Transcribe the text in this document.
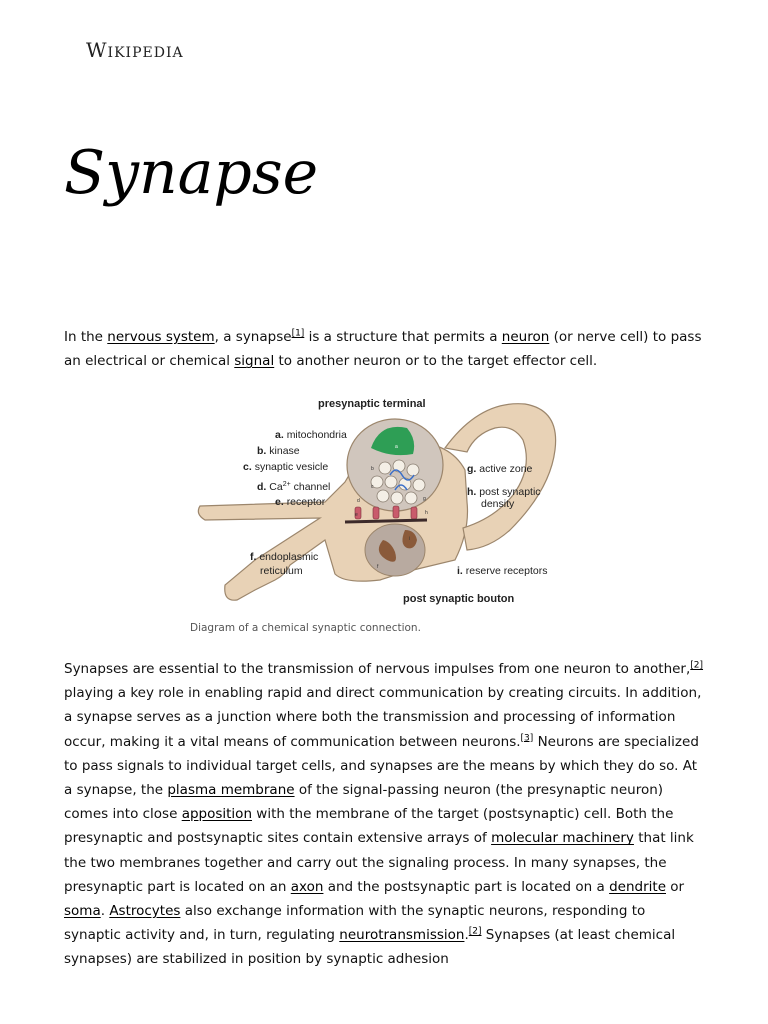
Wikipedia
Synapse

In the nervous system, a synapse[1] is a structure that permits a neuron (or nerve cell) to pass an electrical or chemical signal to another neuron or to the target effector cell.

a
b
c
d
e
f
g
h
i
presynaptic terminal
a. mitochondria
b. kinase
c. synaptic vesicle
d. $Ca^{2+}$ channel
e. receptor
f. endoplasmic
reticulum
g. active zone
h. post synaptic
density
i. reserve receptors
post synaptic bouton
Diagram of a chemical synaptic connection.

Synapses are essential to the transmission of nervous impulses from one neuron to another,[2] playing a key role in enabling rapid and direct communication by creating circuits. In addition, a synapse serves as a junction where both the transmission and processing of information occur, making it a vital means of communication between neurons.[3] Neurons are specialized to pass signals to individual target cells, and synapses are the means by which they do so. At a synapse, the plasma membrane of the signal-passing neuron (the presynaptic neuron) comes into close apposition with the membrane of the target (postsynaptic) cell. Both the presynaptic and postsynaptic sites contain extensive arrays of molecular machinery that link the two membranes together and carry out the signaling process. In many synapses, the presynaptic part is located on an axon and the postsynaptic part is located on a dendrite or soma. Astrocytes also exchange information with the synaptic neurons, responding to synaptic activity and, in turn, regulating neurotransmission.[2] Synapses (at least chemical synapses) are stabilized in position by synaptic adhesion
